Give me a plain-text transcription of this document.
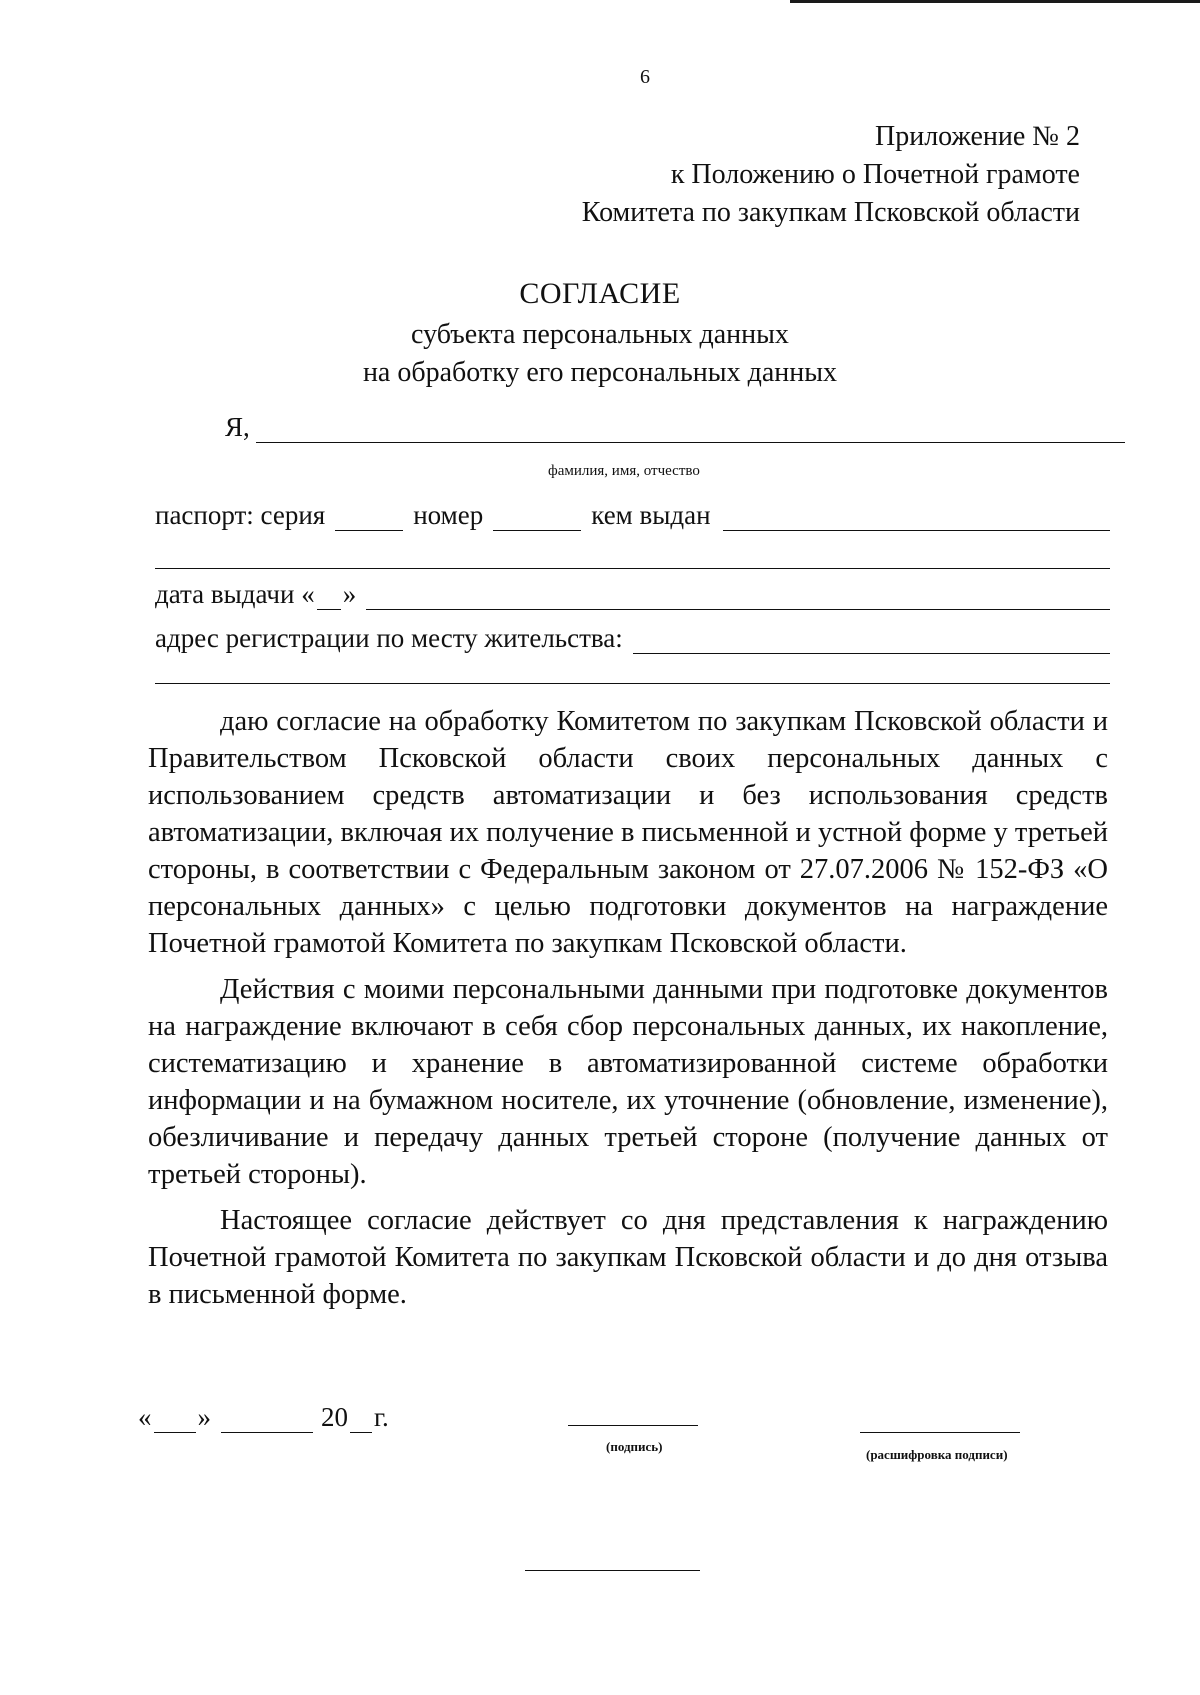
6
Приложение № 2
к Положению о Почетной грамоте
Комитета по закупкам Псковской области
СОГЛАСИЕ
субъекта персональных данных
на обработку его персональных данных
Я,
фамилия, имя, отчество
паспорт: серия	номер	кем выдан
дата выдачи « »
адрес регистрации по месту жительства:

даю согласие на обработку Комитетом по закупкам Псковской области и Правительством Псковской области своих персональных данных с использованием средств автоматизации и без использования средств автоматизации, включая их получение в письменной и устной форме у третьей стороны, в соответствии с Федеральным законом от 27.07.2006 № 152-ФЗ «О персональных данных» с целью подготовки документов на награждение Почетной грамотой Комитета по закупкам Псковской области.

Действия с моими персональными данными при подготовке документов на награждение включают в себя сбор персональных данных, их накопление, систематизацию и хранение в автоматизированной системе обработки информации и на бумажном носителе, их уточнение (обновление, изменение), обезличивание и передачу данных третьей стороне (получение данных от третьей стороны).

Настоящее согласие действует со дня представления к награждению Почетной грамотой Комитета по закупкам Псковской области и до дня отзыва в письменной форме.

« »	20 г.
(подпись)
(расшифровка подписи)
